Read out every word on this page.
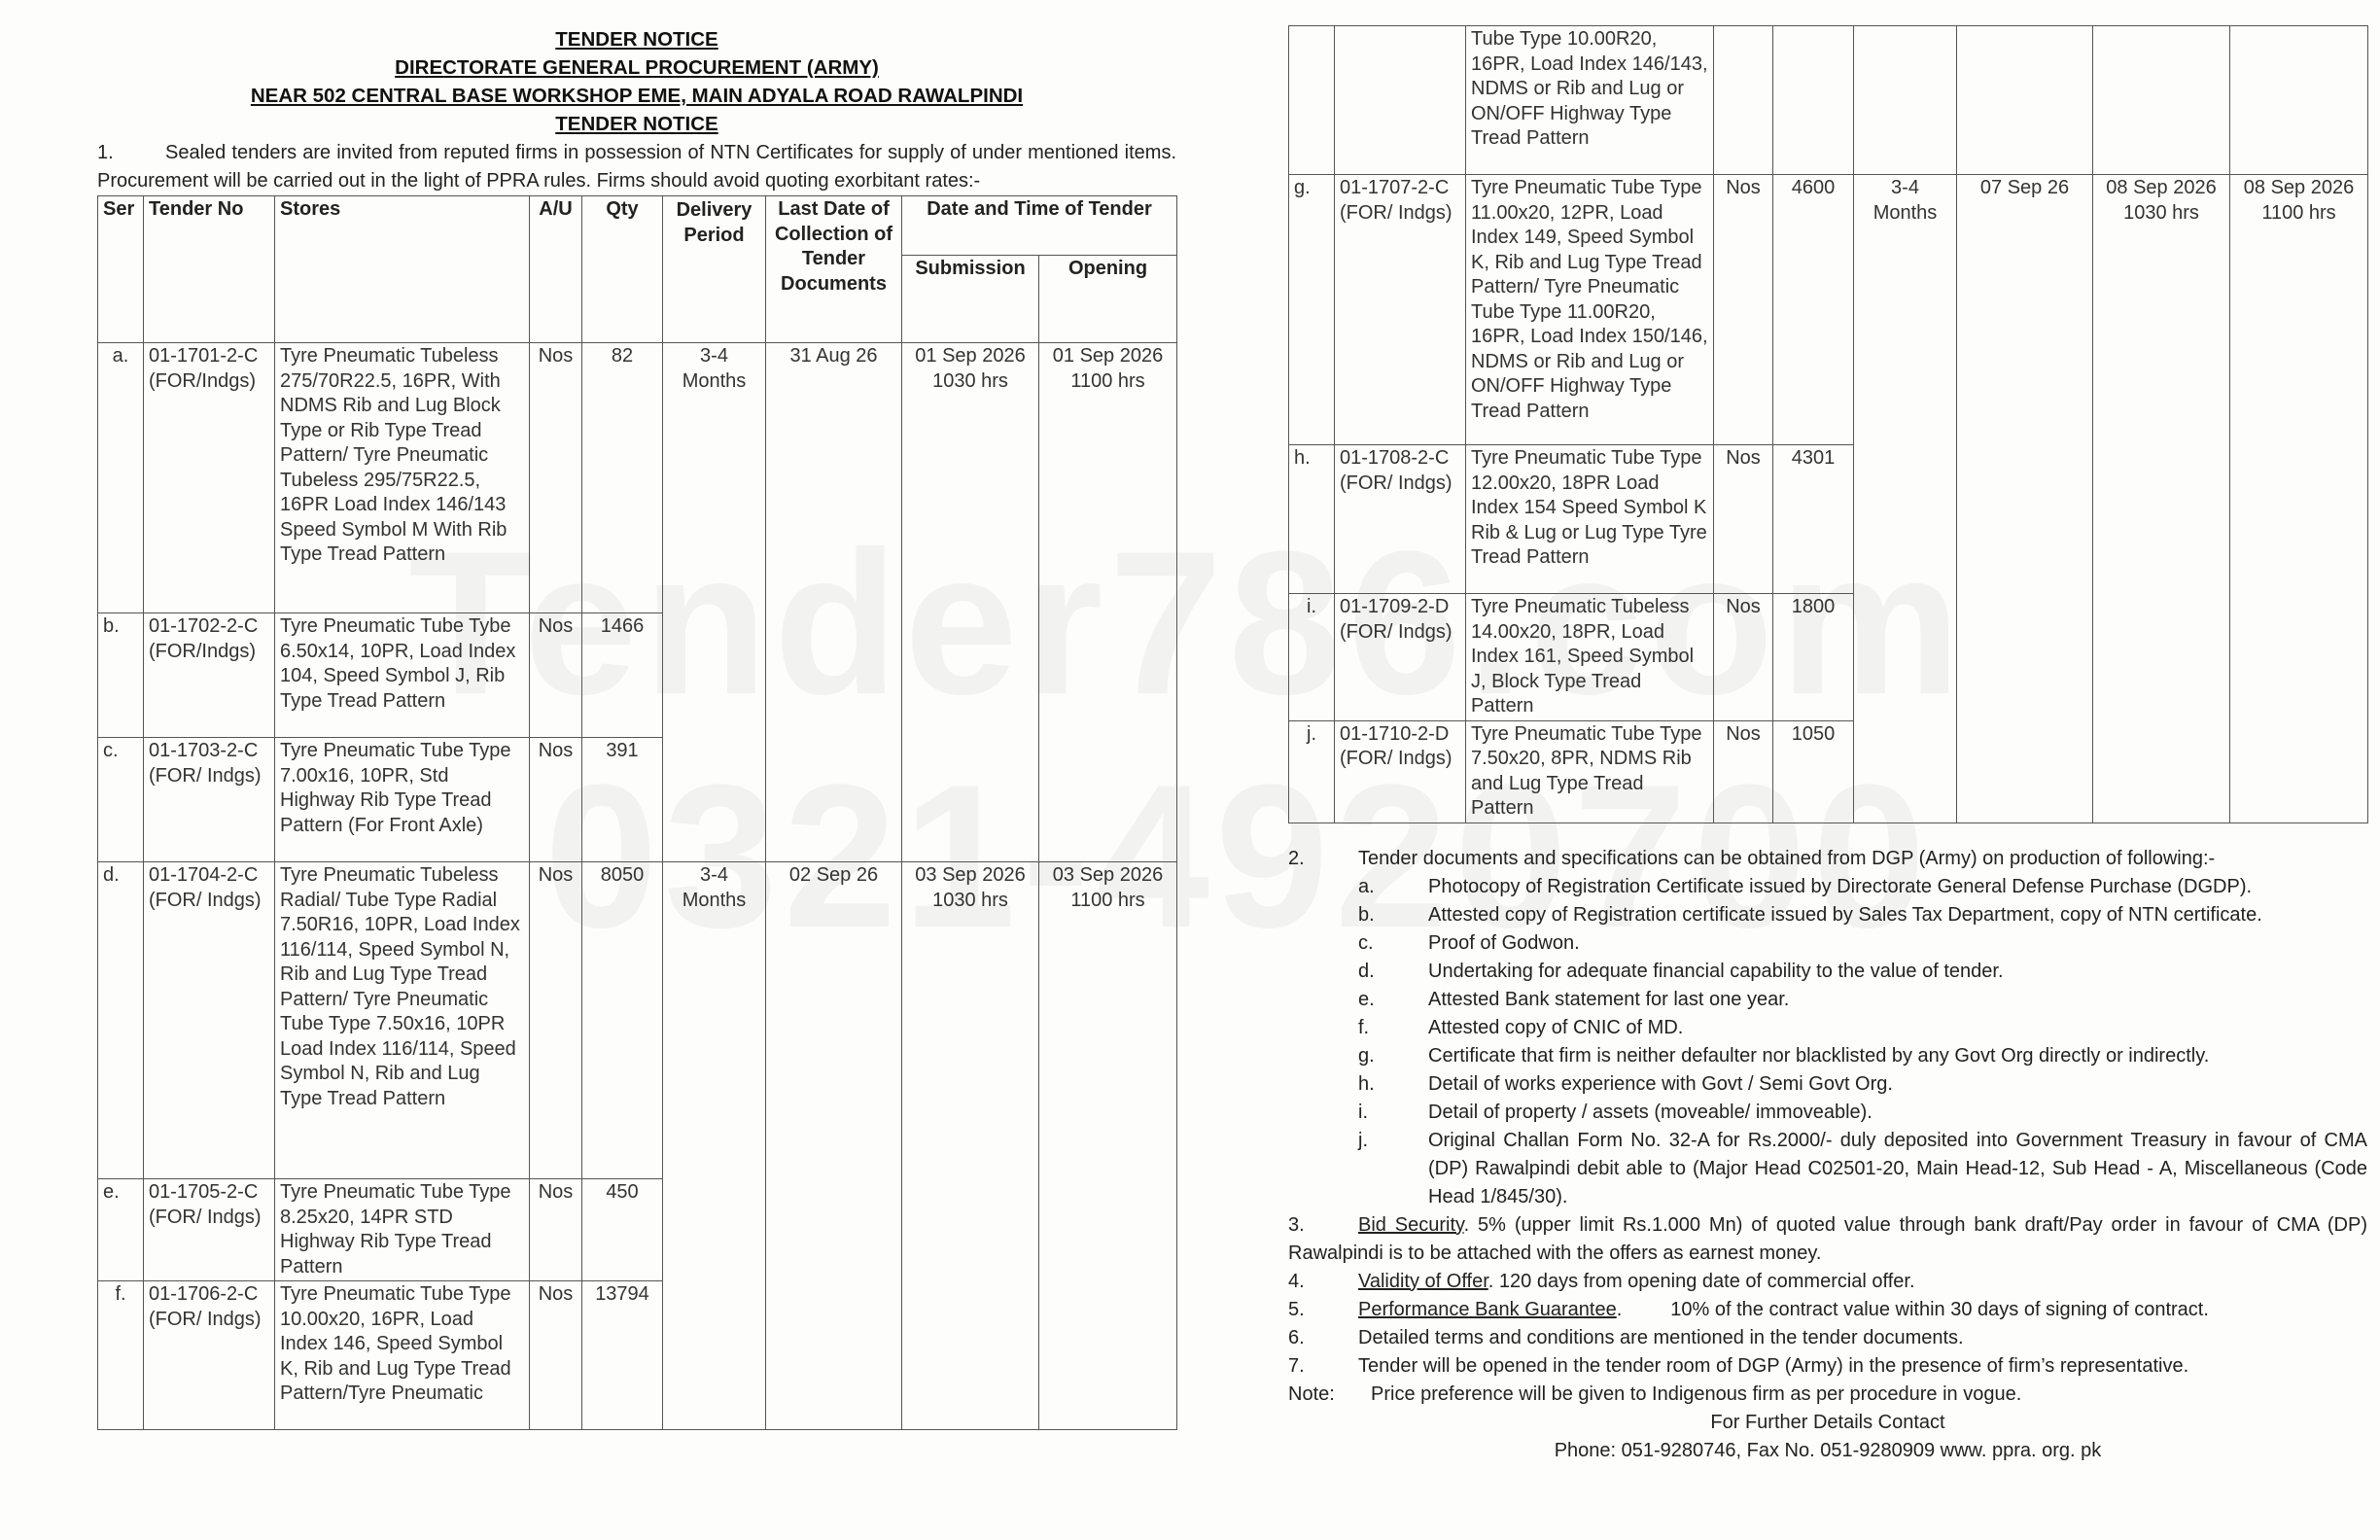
TENDER NOTICE
DIRECTORATE GENERAL PROCUREMENT (ARMY)
NEAR 502 CENTRAL BASE WORKSHOP EME, MAIN ADYALA ROAD RAWALPINDI
TENDER NOTICE
1.	Sealed tenders are invited from reputed firms in possession of NTN Certificates for supply of under mentioned items. Procurement will be carried out in the light of PPRA rules. Firms should avoid quoting exorbitant rates:-
Ser	Tender No	Stores	A/U	Qty	Delivery Period	Last Date of Collection of Tender Documents	Date and Time of Tender	
							Submission	Opening
a.	01-1701-2-C (FOR/Indgs)	Tyre Pneumatic Tubeless 275/70R22.5, 16PR, With NDMS Rib and Lug Block Type or Rib Type Tread Pattern/ Tyre Pneumatic Tubeless 295/75R22.5, 16PR Load Index 146/143 Speed Symbol M With Rib Type Tread Pattern	Nos	82	3-4 Months	31 Aug 26	01 Sep 2026 1030 hrs	01 Sep 2026 1100 hrs
b.	01-1702-2-C (FOR/Indgs)	Tyre Pneumatic Tube Tybe 6.50x14, 10PR, Load Index 104, Speed Symbol J, Rib Type Tread Pattern	Nos	1466				
c.	01-1703-2-C (FOR/ Indgs)	Tyre Pneumatic Tube Type 7.00x16, 10PR, Std Highway Rib Type Tread Pattern (For Front Axle)	Nos	391				
d.	01-1704-2-C (FOR/ Indgs)	Tyre Pneumatic Tubeless Radial/ Tube Type Radial 7.50R16, 10PR, Load Index 116/114, Speed Symbol N, Rib and Lug Type Tread Pattern/ Tyre Pneumatic Tube Type 7.50x16, 10PR Load Index 116/114, Speed Symbol N, Rib and Lug Type Tread Pattern	Nos	8050	3-4 Months	02 Sep 26	03 Sep 2026 1030 hrs	03 Sep 2026 1100 hrs
e.	01-1705-2-C (FOR/ Indgs)	Tyre Pneumatic Tube Type 8.25x20, 14PR STD Highway Rib Type Tread Pattern	Nos	450				
f.	01-1706-2-C (FOR/ Indgs)	Tyre Pneumatic Tube Type 10.00x20, 16PR, Load Index 146, Speed Symbol K, Rib and Lug Type Tread Pattern/Tyre Pneumatic	Nos	13794				
		Tube Type 10.00R20, 16PR, Load Index 146/143, NDMS or Rib and Lug or ON/OFF Highway Type Tread Pattern						
g.	01-1707-2-C (FOR/ Indgs)	Tyre Pneumatic Tube Type 11.00x20, 12PR, Load Index 149, Speed Symbol K, Rib and Lug Type Tread Pattern/ Tyre Pneumatic Tube Type 11.00R20, 16PR, Load Index 150/146, NDMS or Rib and Lug or ON/OFF Highway Type Tread Pattern	Nos	4600	3-4 Months	07 Sep 26	08 Sep 2026 1030 hrs	08 Sep 2026 1100 hrs
h.	01-1708-2-C (FOR/ Indgs)	Tyre Pneumatic Tube Type 12.00x20, 18PR Load Index 154 Speed Symbol K Rib & Lug or Lug Type Tyre Tread Pattern	Nos	4301				
i.	01-1709-2-D (FOR/ Indgs)	Tyre Pneumatic Tubeless 14.00x20, 18PR, Load Index 161, Speed Symbol J, Block Type Tread Pattern	Nos	1800				
j.	01-1710-2-D (FOR/ Indgs)	Tyre Pneumatic Tube Type 7.50x20, 8PR, NDMS Rib and Lug Type Tread Pattern	Nos	1050				
2.	Tender documents and specifications can be obtained from DGP (Army) on production of following:-
a.	Photocopy of Registration Certificate issued by Directorate General Defense Purchase (DGDP).
b.	Attested copy of Registration certificate issued by Sales Tax Department, copy of NTN certificate.
c.	Proof of Godwon.
d.	Undertaking for adequate financial capability to the value of tender.
e.	Attested Bank statement for last one year.
f.	Attested copy of CNIC of MD.
g.	Certificate that firm is neither defaulter nor blacklisted by any Govt Org directly or indirectly.
h.	Detail of works experience with Govt / Semi Govt Org.
i.	Detail of property / assets (moveable/ immoveable).
j.	Original Challan Form No. 32-A for Rs.2000/- duly deposited into Government Treasury in favour of CMA (DP) Rawalpindi debit able to (Major Head C02501-20, Main Head-12, Sub Head - A, Miscellaneous (Code Head 1/845/30).
3.	Bid Security. 5% (upper limit Rs.1.000 Mn) of quoted value through bank draft/Pay order in favour of CMA (DP) Rawalpindi is to be attached with the offers as earnest money.
4.	Validity of Offer. 120 days from opening date of commercial offer.
5.	Performance Bank Guarantee.         10% of the contract value within 30 days of signing of contract.
6.	Detailed terms and conditions are mentioned in the tender documents.
7.	Tender will be opened in the tender room of DGP (Army) in the presence of firm’s representative.
Note: Price preference will be given to Indigenous firm as per procedure in vogue.
For Further Details Contact
Phone: 051-9280746, Fax No. 051-9280909 www. ppra. org. pk
